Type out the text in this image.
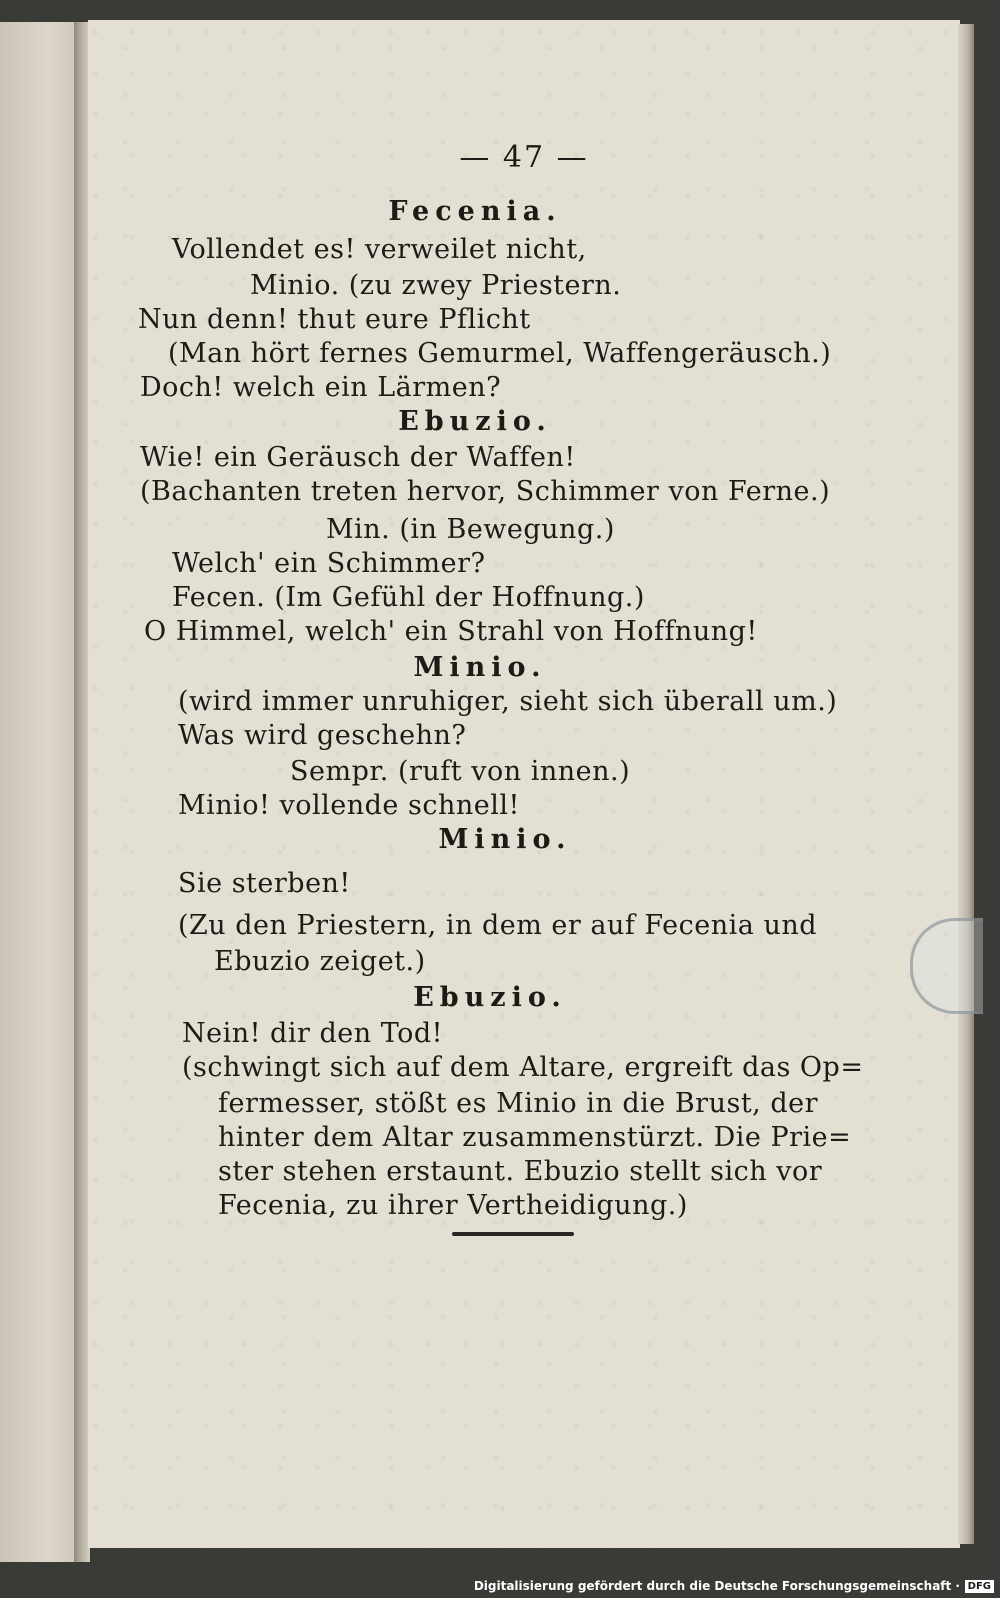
— 47 —
Fecenia.
Vollendet es! verweilet nicht,
Minio. (zu zwey Priestern.
Nun denn! thut eure Pflicht
(Man hört fernes Gemurmel, Waffengeräusch.)
Doch! welch ein Lärmen?
Ebuzio.
Wie! ein Geräusch der Waffen!
(Bachanten treten hervor, Schimmer von Ferne.)
Min. (in Bewegung.)
Welch' ein Schimmer?
Fecen. (Im Gefühl der Hoffnung.)
O Himmel, welch' ein Strahl von Hoffnung!
Minio.
(wird immer unruhiger, sieht sich überall um.)
Was wird geschehn?
Sempr. (ruft von innen.)
Minio! vollende schnell!
Minio.
Sie sterben!
(Zu den Priestern, in dem er auf Fecenia und
Ebuzio zeiget.)
Ebuzio.
Nein! dir den Tod!
(schwingt sich auf dem Altare, ergreift das Op=
fermesser, stößt es Minio in die Brust, der
hinter dem Altar zusammenstürzt. Die Prie=
ster stehen erstaunt. Ebuzio stellt sich vor
Fecenia, zu ihrer Vertheidigung.)
Digitalisierung gefördert durch die Deutsche Forschungsgemeinschaft · DFG
